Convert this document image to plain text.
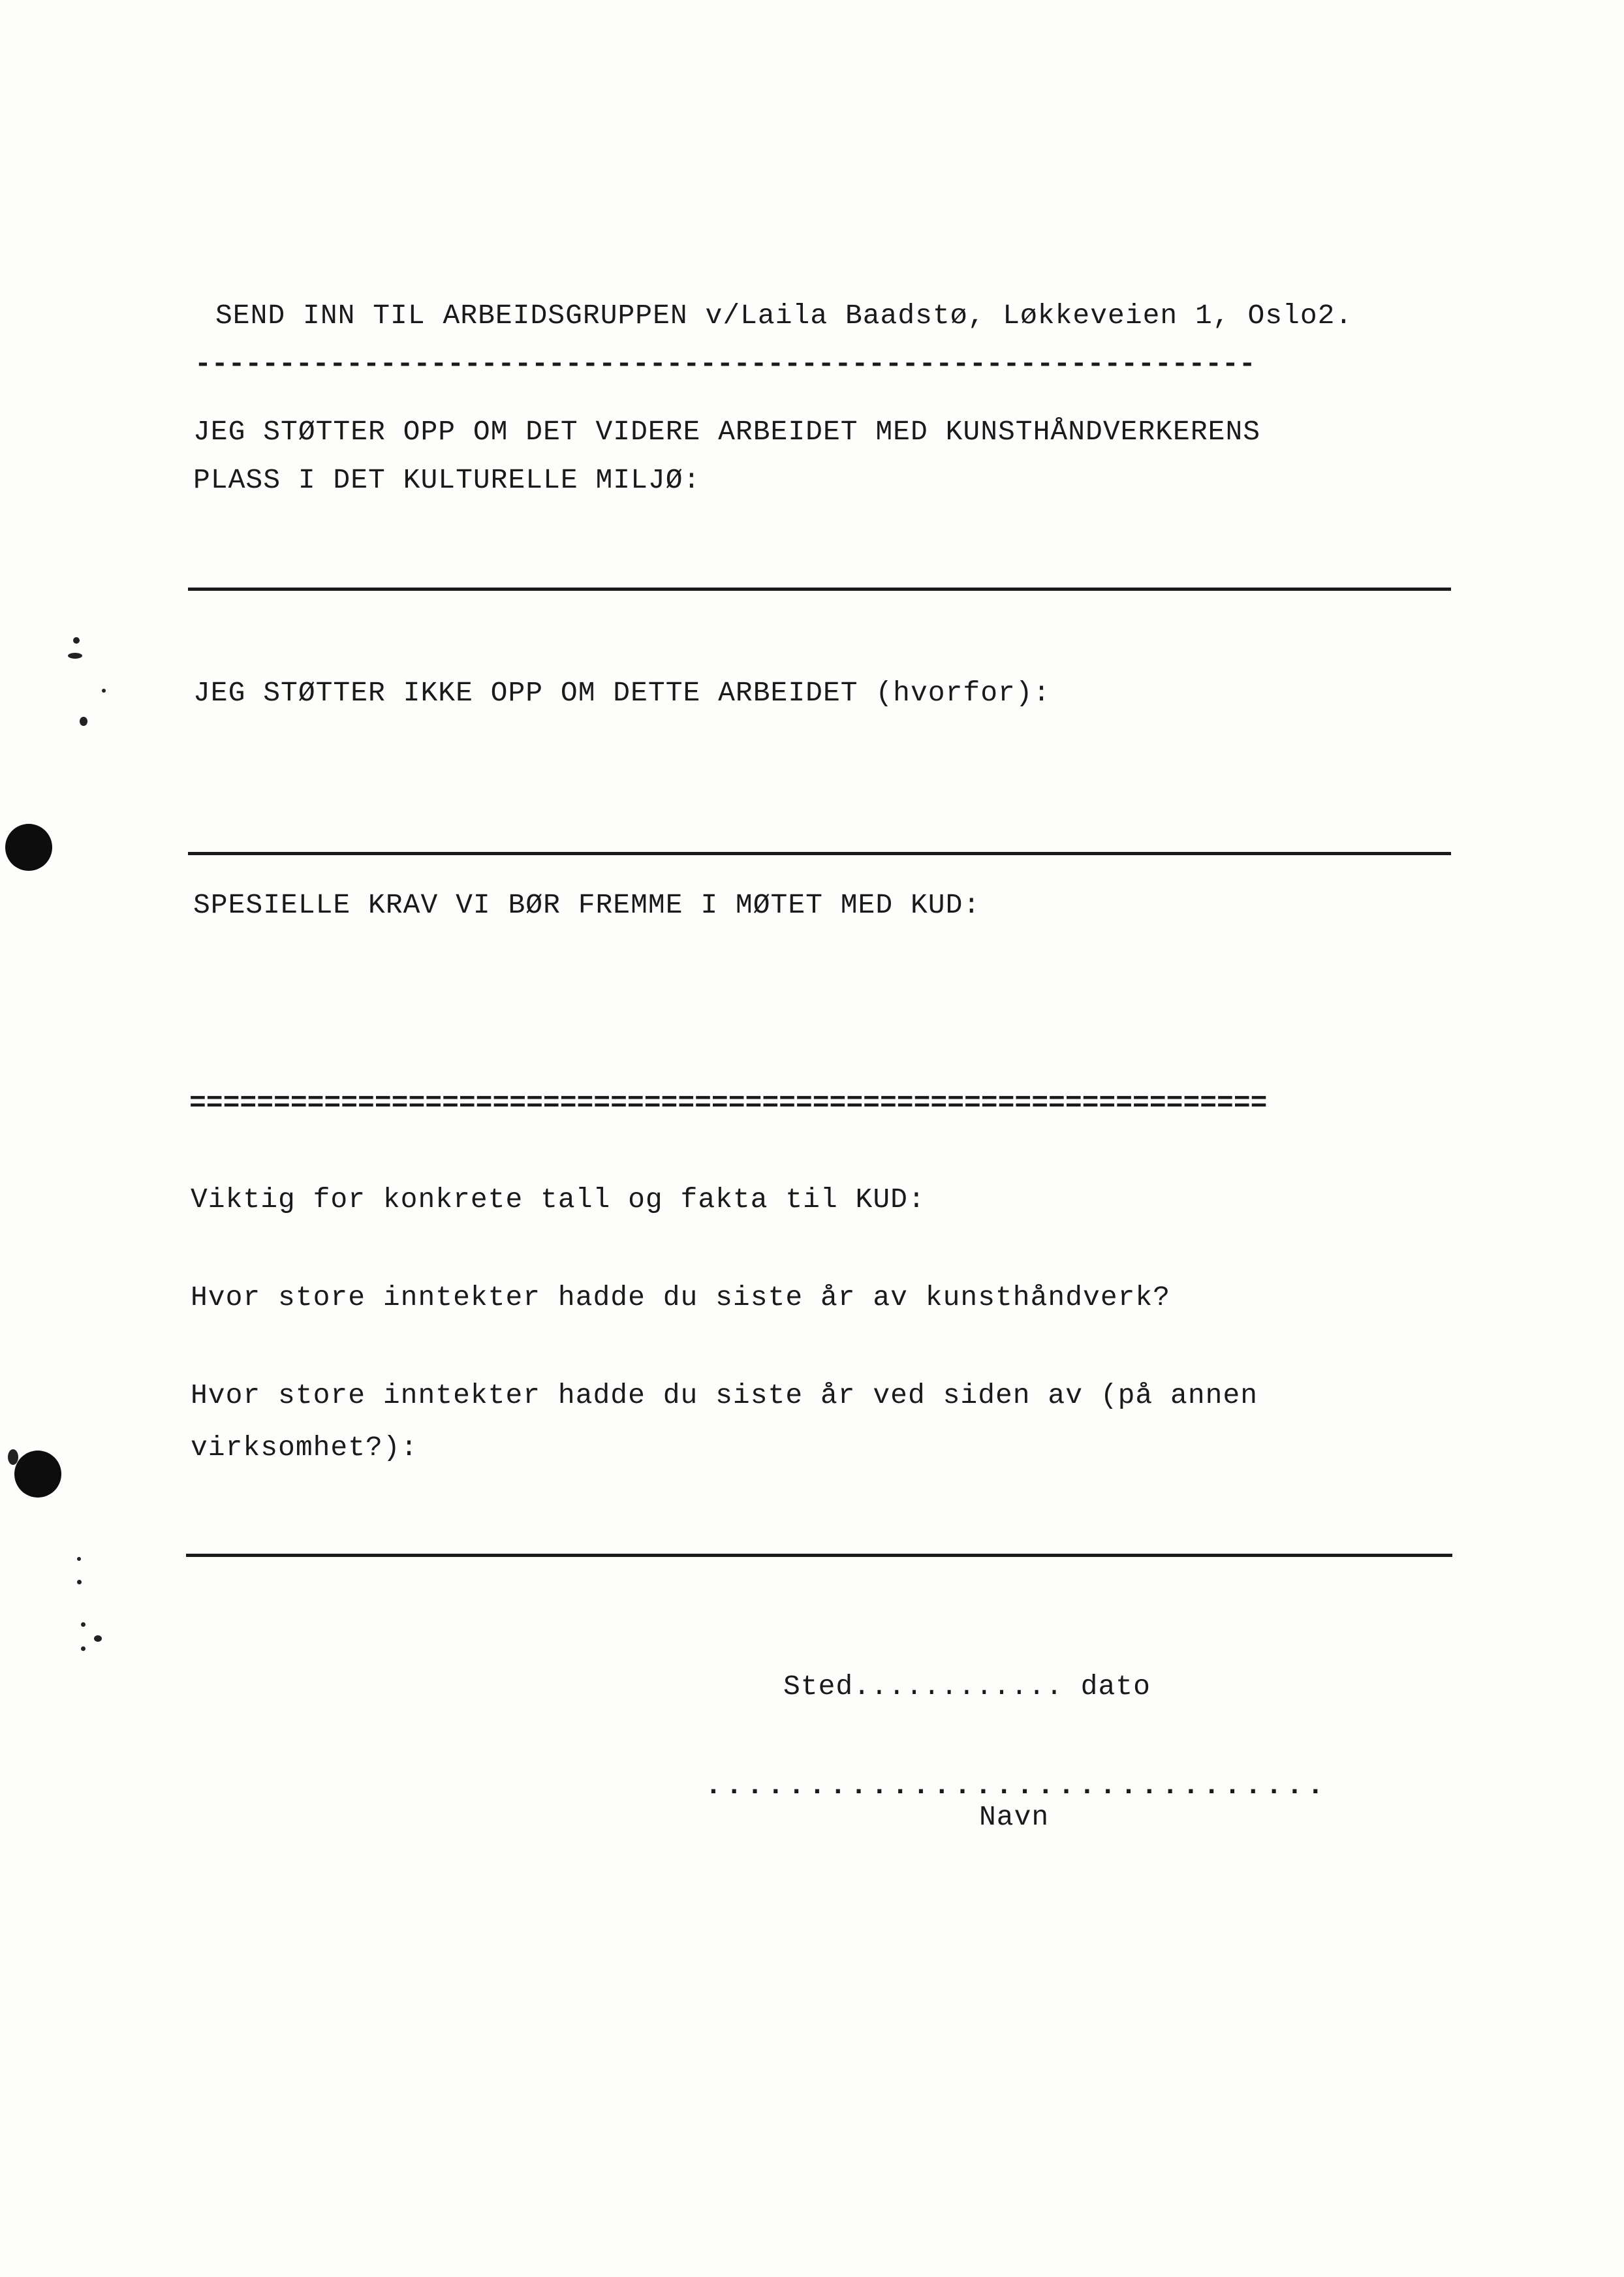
SEND INN TIL ARBEIDSGRUPPEN v/Laila Baadstø, Løkkeveien 1, Oslo2.
---------------------------------------------------------------
JEG STØTTER OPP OM DET VIDERE ARBEIDET MED KUNSTHÅNDVERKERENS
PLASS I DET KULTURELLE MILJØ:
JEG STØTTER IKKE OPP OM DETTE ARBEIDET (hvorfor):
SPESIELLE KRAV VI BØR FREMME I MØTET MED KUD:
================================================================
Viktig for konkrete tall og fakta til KUD:
Hvor store inntekter hadde du siste år av kunsthåndverk?
Hvor store inntekter hadde du siste år ved siden av (på annen
virksomhet?):
Sted............ dato
..............................
Navn
